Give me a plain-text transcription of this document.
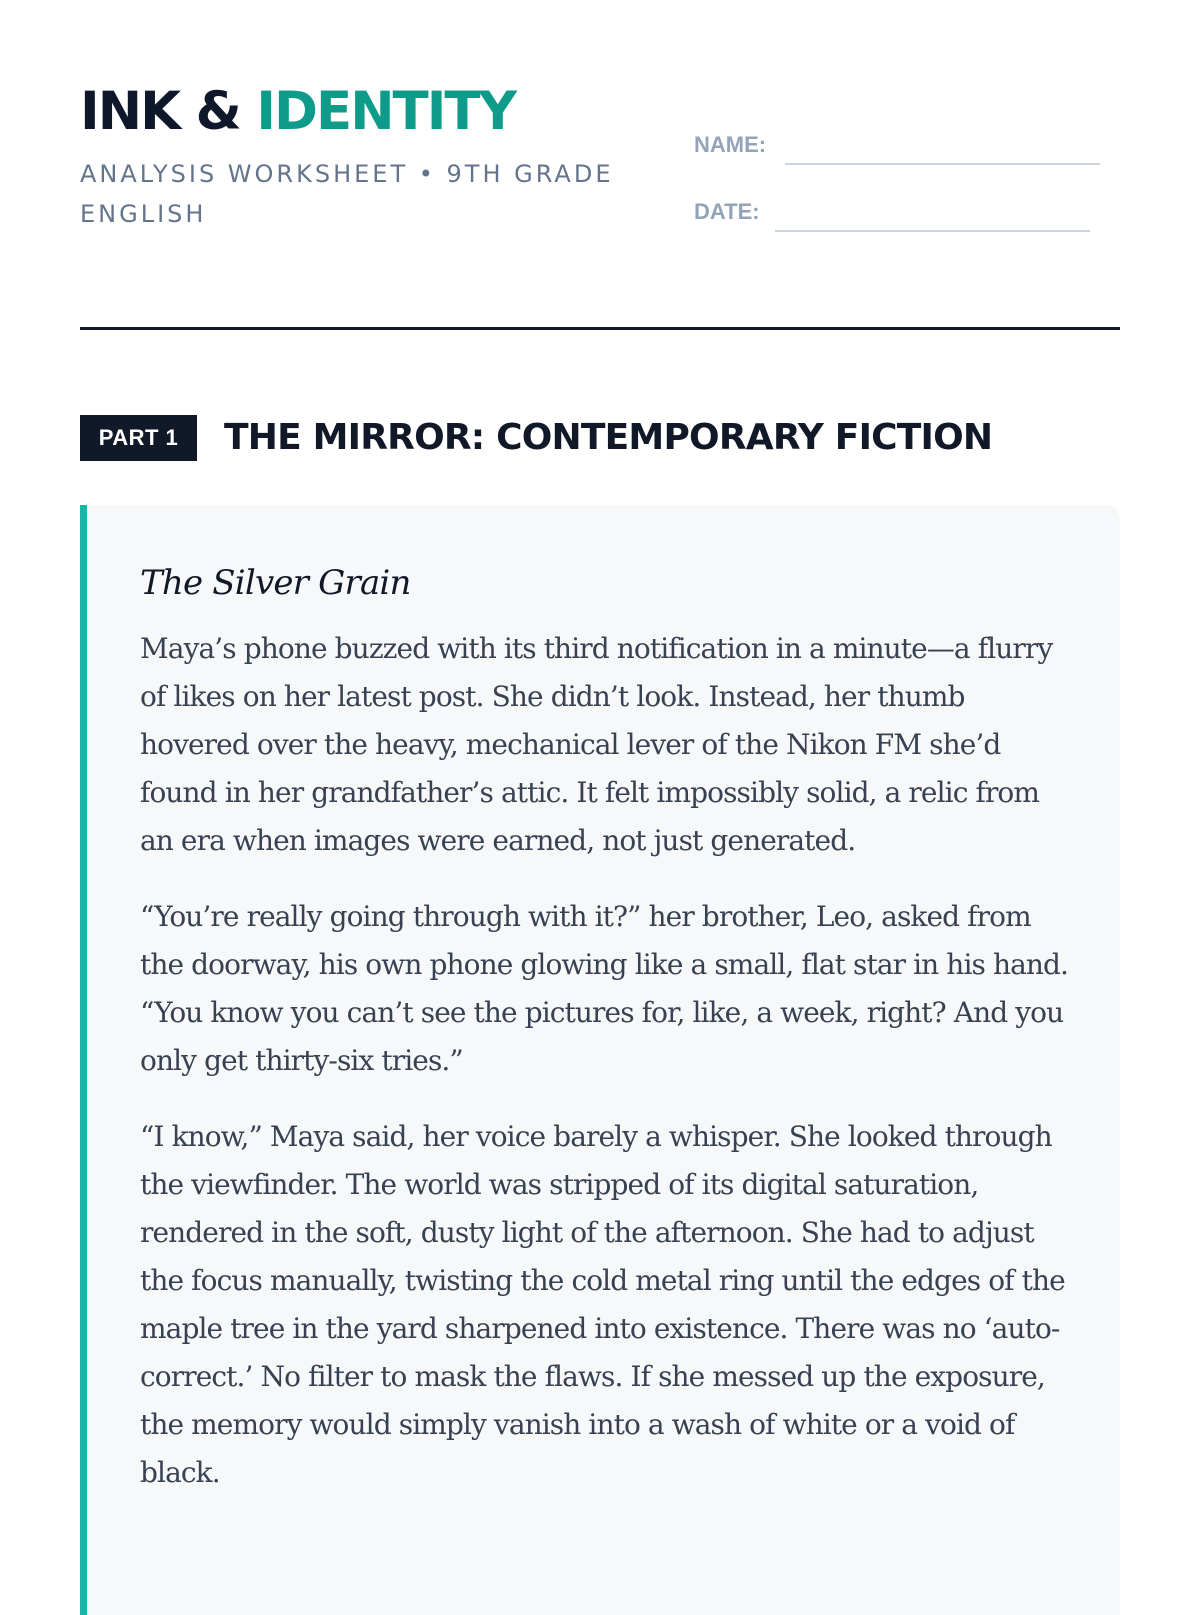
INK & IDENTITY
ANALYSIS WORKSHEET • 9TH GRADE ENGLISH
NAME:
DATE:
PART 1	THE MIRROR: CONTEMPORARY FICTION
The Silver Grain

Maya’s phone buzzed with its third notification in a minute—a flurry of likes on her latest post. She didn’t look. Instead, her thumb hovered over the heavy, mechanical lever of the Nikon FM she’d found in her grandfather’s attic. It felt impossibly solid, a relic from an era when images were earned, not just generated.

“You’re really going through with it?” her brother, Leo, asked from the doorway, his own phone glowing like a small, flat star in his hand. “You know you can’t see the pictures for, like, a week, right? And you only get thirty-six tries.”

“I know,” Maya said, her voice barely a whisper. She looked through the viewfinder. The world was stripped of its digital saturation, rendered in the soft, dusty light of the afternoon. She had to adjust the focus manually, twisting the cold metal ring until the edges of the maple tree in the yard sharpened into existence. There was no ‘auto-correct.’ No filter to mask the flaws. If she messed up the exposure, the memory would simply vanish into a wash of white or a void of black.
